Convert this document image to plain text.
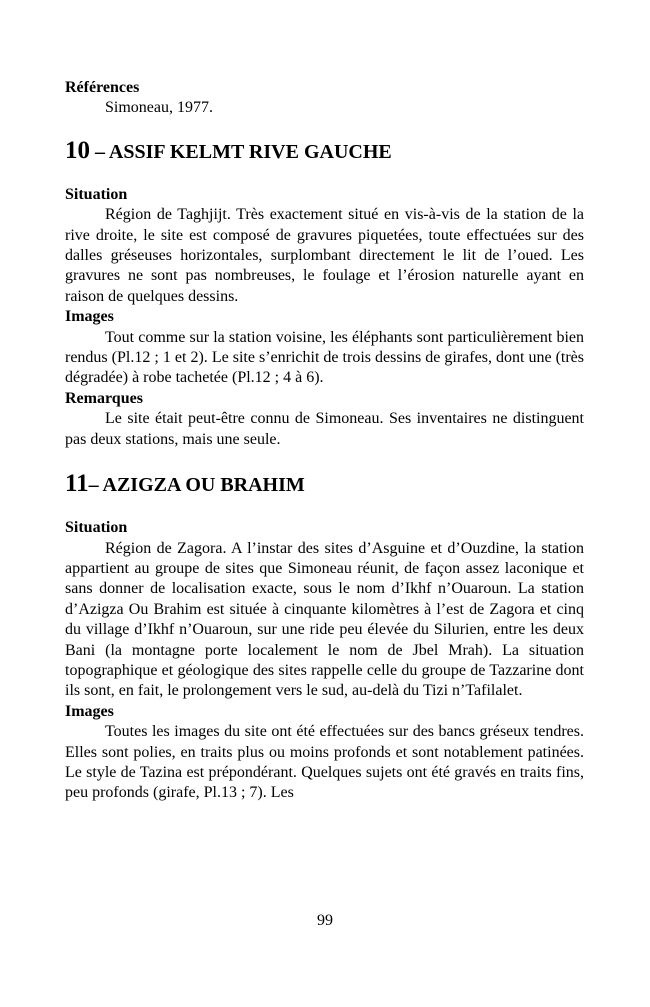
Références

Simoneau, 1977.

10 – ASSIF KELMT RIVE GAUCHE
Situation

Région de Taghjijt. Très exactement situé en vis-à-vis de la station de la rive droite, le site est composé de gravures piquetées, toute effectuées sur des dalles gréseuses horizontales, surplombant directement le lit de l’oued. Les gravures ne sont pas nombreuses, le foulage et l’érosion naturelle ayant en raison de quelques dessins.

Images

Tout comme sur la station voisine, les éléphants sont particulièrement bien rendus (Pl.12 ; 1 et 2). Le site s’enrichit de trois dessins de girafes, dont une (très dégradée) à robe tachetée (Pl.12 ; 4 à 6).

Remarques

Le site était peut-être connu de Simoneau. Ses inventaires ne distinguent pas deux stations, mais une seule.

11– AZIGZA OU BRAHIM
Situation

Région de Zagora. A l’instar des sites d’Asguine et d’Ouzdine, la station appartient au groupe de sites que Simoneau réunit, de façon assez laconique et sans donner de localisation exacte, sous le nom d’Ikhf n’Ouaroun. La station d’Azigza Ou Brahim est située à cinquante kilomètres à l’est de Zagora et cinq du village d’Ikhf n’Ouaroun, sur une ride peu élevée du Silurien, entre les deux Bani (la montagne porte localement le nom de Jbel Mrah). La situation topographique et géologique des sites rappelle celle du groupe de Tazzarine dont ils sont, en fait, le prolongement vers le sud, au-delà du Tizi n’Tafilalet.

Images

Toutes les images du site ont été effectuées sur des bancs gréseux tendres. Elles sont polies, en traits plus ou moins profonds et sont notablement patinées. Le style de Tazina est prépondérant. Quelques sujets ont été gravés en traits fins, peu profonds (girafe, Pl.13 ; 7). Les

99
